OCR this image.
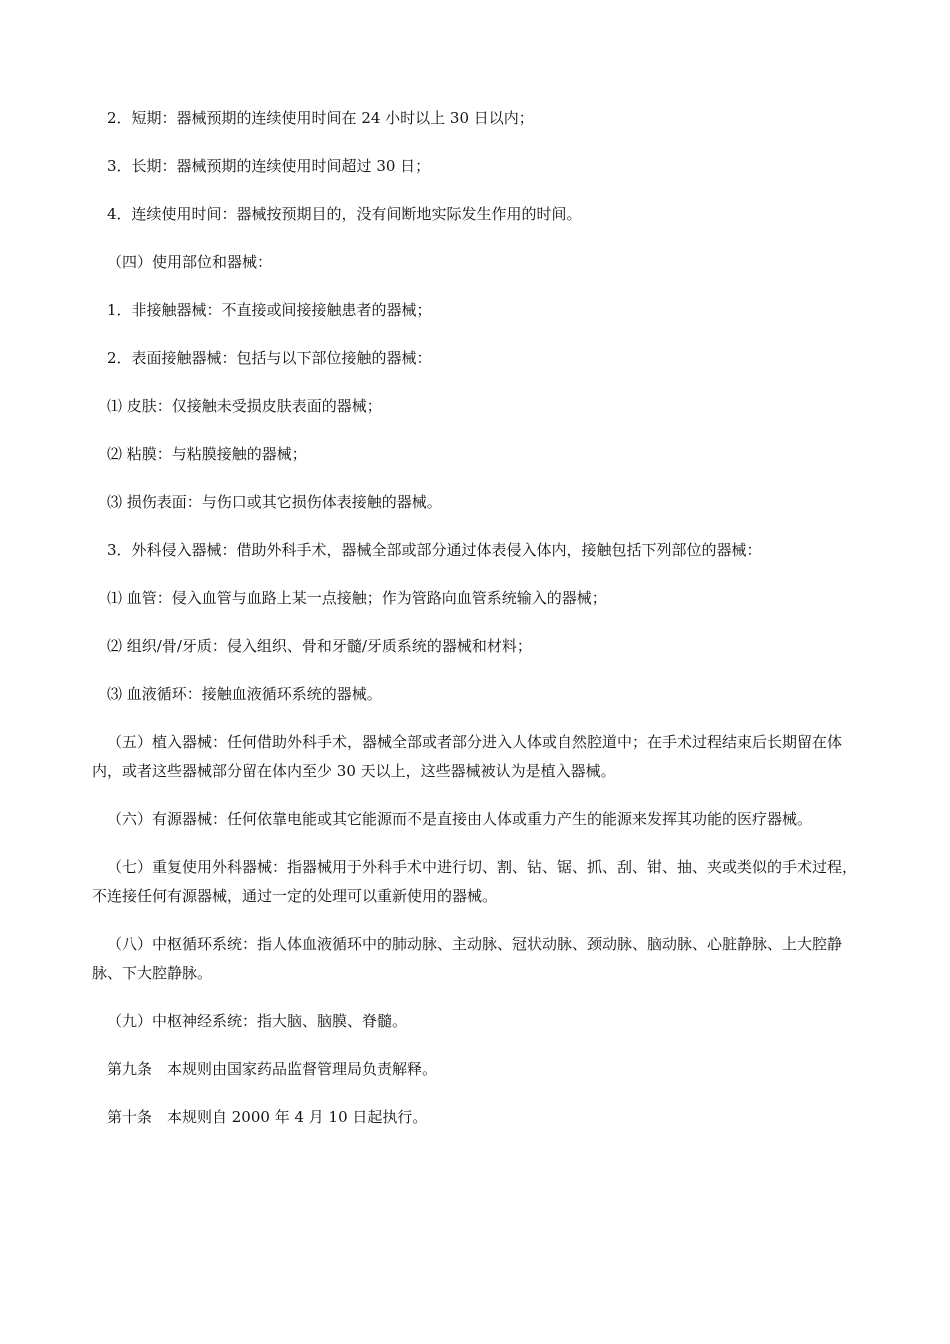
2．短期：器械预期的连续使用时间在 24 小时以上 30 日以内；

3．长期：器械预期的连续使用时间超过 30 日；

4．连续使用时间：器械按预期目的，没有间断地实际发生作用的时间。

（四）使用部位和器械：

1．非接触器械：不直接或间接接触患者的器械；

2．表面接触器械：包括与以下部位接触的器械：

⑴ 皮肤：仅接触未受损皮肤表面的器械；

⑵ 粘膜：与粘膜接触的器械；

⑶ 损伤表面：与伤口或其它损伤体表接触的器械。

3．外科侵入器械：借助外科手术，器械全部或部分通过体表侵入体内，接触包括下列部位的器械：

⑴ 血管：侵入血管与血路上某一点接触；作为管路向血管系统输入的器械；

⑵ 组织/骨/牙质：侵入组织、骨和牙髓/牙质系统的器械和材料；

⑶ 血液循环：接触血液循环系统的器械。

（五）植入器械：任何借助外科手术，器械全部或者部分进入人体或自然腔道中；在手术过程结束后长期留在体内，或者这些器械部分留在体内至少 30 天以上，这些器械被认为是植入器械。

（六）有源器械：任何依靠电能或其它能源而不是直接由人体或重力产生的能源来发挥其功能的医疗器械。

（七）重复使用外科器械：指器械用于外科手术中进行切、割、钻、锯、抓、刮、钳、抽、夹或类似的手术过程，不连接任何有源器械，通过一定的处理可以重新使用的器械。

（八）中枢循环系统：指人体血液循环中的肺动脉、主动脉、冠状动脉、颈动脉、脑动脉、心脏静脉、上大腔静脉、下大腔静脉。

（九）中枢神经系统：指大脑、脑膜、脊髓。

第九条　本规则由国家药品监督管理局负责解释。

第十条　本规则自 2000 年 4 月 10 日起执行。
